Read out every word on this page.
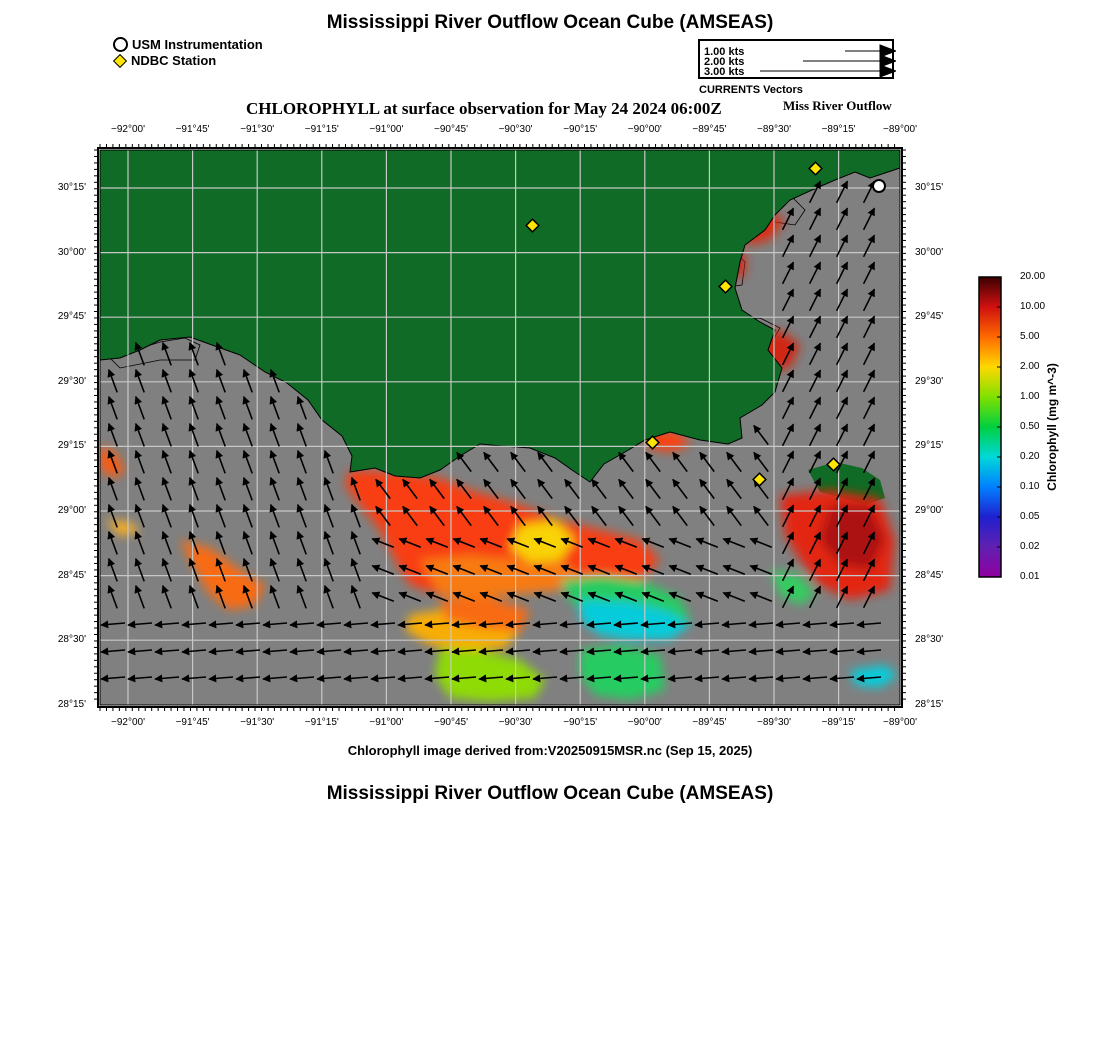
Mississippi River Outflow Ocean Cube (AMSEAS)
USM Instrumentation
NDBC Station
1.00 kts
2.00 kts
3.00 kts
CURRENTS Vectors
CHLOROPHYLL at surface observation for May 24 2024 06:00Z	Miss River Outflow
Chlorophyll (mg m^-3)
Chlorophyll image derived from:V20250915MSR.nc (Sep 15, 2025)
Mississippi River Outflow Ocean Cube (AMSEAS)
−92°00'
−92°00'
−91°45'
−91°45'
−91°30'
−91°30'
−91°15'
−91°15'
−91°00'
−91°00'
−90°45'
−90°45'
−90°30'
−90°30'
−90°15'
−90°15'
−90°00'
−90°00'
−89°45'
−89°45'
−89°30'
−89°30'
−89°15'
−89°15'
−89°00'
−89°00'
30°15'	30°15'
30°00'	30°00'
29°45'	29°45'
29°30'	29°30'
29°15'	29°15'
29°00'	29°00'
28°45'	28°45'
28°30'	28°30'
28°15'	28°15'
20.00
10.00
5.00
2.00
1.00
0.50
0.20
0.10
0.05
0.02
0.01
